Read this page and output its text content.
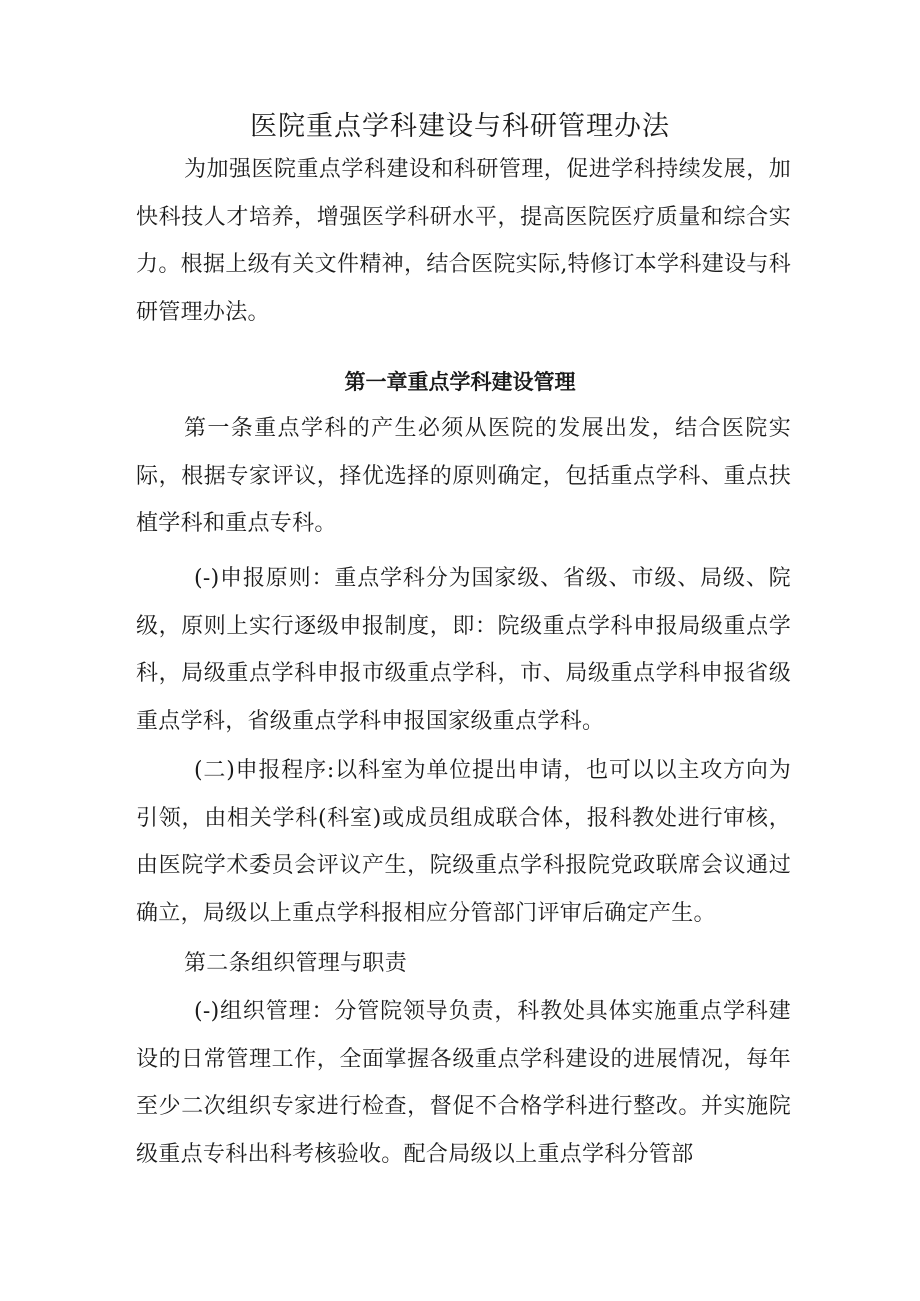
医院重点学科建设与科研管理办法

为加强医院重点学科建设和科研管理，促进学科持续发展，加快科技人才培养，增强医学科研水平，提高医院医疗质量和综合实力。根据上级有关文件精神，结合医院实际,特修订本学科建设与科研管理办法。

第一章重点学科建设管理

第一条重点学科的产生必须从医院的发展出发，结合医院实际，根据专家评议，择优选择的原则确定，包括重点学科、重点扶植学科和重点专科。

(-)申报原则：重点学科分为国家级、省级、市级、局级、院级，原则上实行逐级申报制度，即：院级重点学科申报局级重点学科，局级重点学科申报市级重点学科，市、局级重点学科申报省级重点学科，省级重点学科申报国家级重点学科。

(二)申报程序:以科室为单位提出申请，也可以以主攻方向为引领，由相关学科(科室)或成员组成联合体，报科教处进行审核，由医院学术委员会评议产生，院级重点学科报院党政联席会议通过确立，局级以上重点学科报相应分管部门评审后确定产生。

第二条组织管理与职责

(-)组织管理：分管院领导负责，科教处具体实施重点学科建设的日常管理工作，全面掌握各级重点学科建设的进展情况，每年至少二次组织专家进行检查，督促不合格学科进行整改。并实施院级重点专科出科考核验收。配合局级以上重点学科分管部
